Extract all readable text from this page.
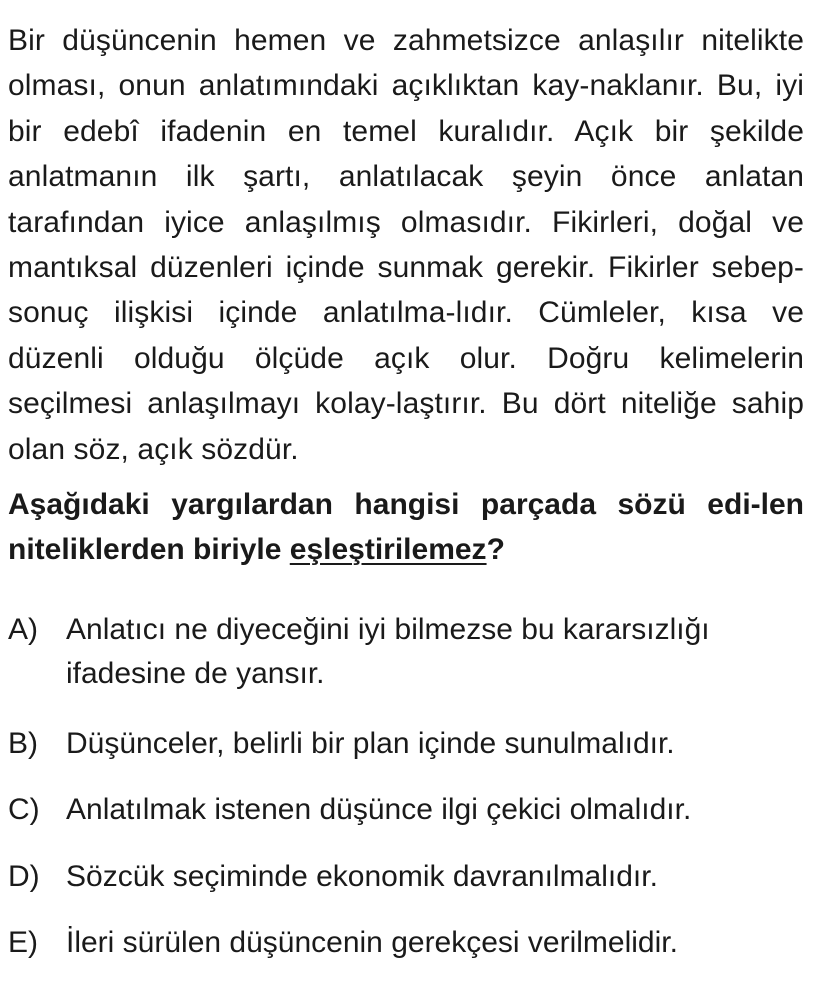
Bir düşüncenin hemen ve zahmetsizce anlaşılır nitelikte olması, onun anlatımındaki açıklıktan kay-naklanır. Bu, iyi bir edebî ifadenin en temel kuralıdır. Açık bir şekilde anlatmanın ilk şartı, anlatılacak şeyin önce anlatan tarafından iyice anlaşılmış olmasıdır. Fikirleri, doğal ve mantıksal düzenleri içinde sunmak gerekir. Fikirler sebep-sonuç ilişkisi içinde anlatılma-lıdır. Cümleler, kısa ve düzenli olduğu ölçüde açık olur. Doğru kelimelerin seçilmesi anlaşılmayı kolay-laştırır. Bu dört niteliğe sahip olan söz, açık sözdür.
Aşağıdaki yargılardan hangisi parçada sözü edi-len niteliklerden biriyle eşleştirilemez?
A) Anlatıcı ne diyeceğini iyi bilmezse bu kararsızlığı ifadesine de yansır.
B) Düşünceler, belirli bir plan içinde sunulmalıdır.
C) Anlatılmak istenen düşünce ilgi çekici olmalıdır.
D) Sözcük seçiminde ekonomik davranılmalıdır.
E) İleri sürülen düşüncenin gerekçesi verilmelidir.
